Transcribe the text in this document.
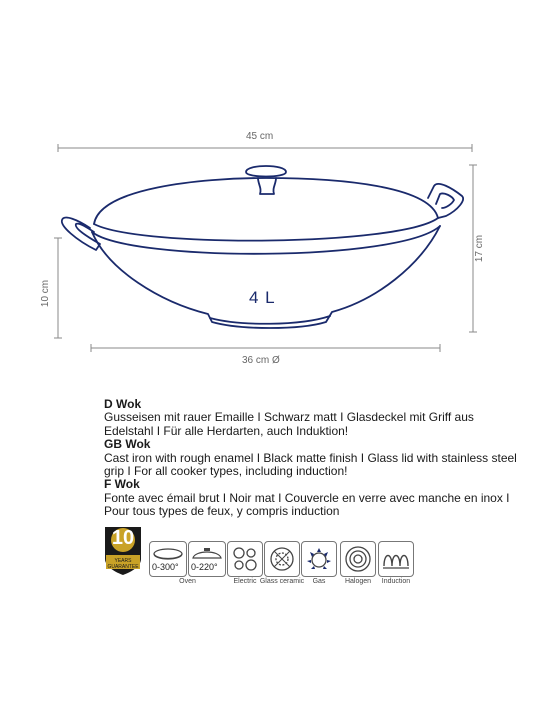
45 cm
17 cm
10 cm
36 cm Ø
4 L

D Wok

Gusseisen mit rauer Emaille I Schwarz matt I Glasdeckel mit Griff aus Edelstahl I Für alle Herdarten, auch Induktion!

GB Wok

Cast iron with rough enamel I Black matte finish I Glass lid with stainless steel grip I For all cooker types, including induction!

F Wok

Fonte avec émail brut I Noir mat I Couvercle en verre avec manche en inox I Pour tous types de feux, y compris induction

10
YEARS
GUARANTEE	0-300° 0-220°
Oven	Electric Glass ceramic	Gas	Halogen	Induction
